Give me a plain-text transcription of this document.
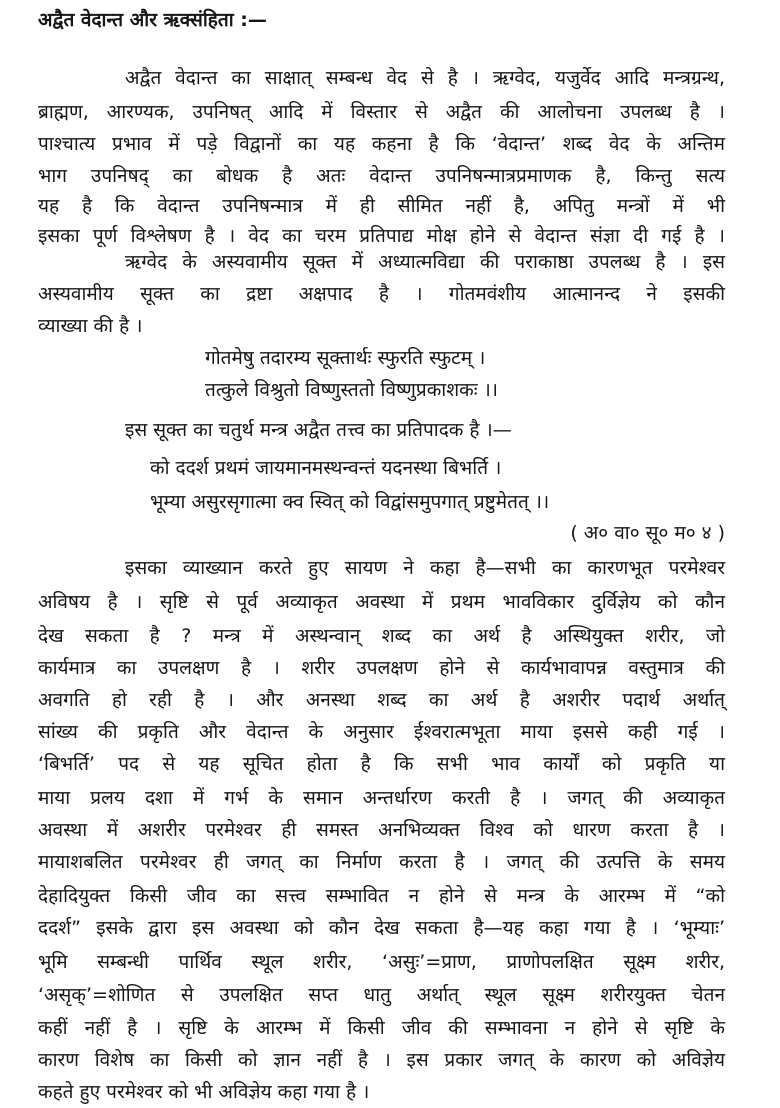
अद्वैत वेदान्त और ऋक्संहिता :—
अद्वैत वेदान्त का साक्षात् सम्बन्ध वेद से है । ऋग्वेद, यजुर्वेद आदि मन्त्रग्रन्थ,
ब्राह्मण, आरण्यक, उपनिषत् आदि में विस्तार से अद्वैत की आलोचना उपलब्ध है ।
पाश्चात्य प्रभाव में पड़े विद्वानों का यह कहना है कि ‘वेदान्त’ शब्द वेद के अन्तिम
भाग उपनिषद् का बोधक है अतः वेदान्त उपनिषन्मात्रप्रमाणक है, किन्तु सत्य
यह है कि वेदान्त उपनिषन्मात्र में ही सीमित नहीं है, अपितु मन्त्रों में भी
इसका पूर्ण विश्लेषण है । वेद का चरम प्रतिपाद्य मोक्ष होने से वेदान्त संज्ञा दी गई है ।
ऋग्वेद के अस्यवामीय सूक्त में अध्यात्मविद्या की पराकाष्ठा उपलब्ध है । इस
अस्यवामीय सूक्त का द्रष्टा अक्षपाद है । गोतमवंशीय आत्मानन्द ने इसकी
व्याख्या की है ।
गोतमेषु तदारम्य सूक्तार्थः स्फुरति स्फुटम् ।
तत्कुले विश्रुतो विष्णुस्ततो विष्णुप्रकाशकः ।।
इस सूक्त का चतुर्थ मन्त्र अद्वैत तत्त्व का प्रतिपादक है ।—
को ददर्श प्रथमं जायमानमस्थन्वन्तं यदनस्था बिभर्ति ।
भूम्या असुरसृगात्मा क्व स्वित् को विद्वांसमुपगात् प्रष्टुमेतत् ।।
( अ० वा० सू० म० ४ )
इसका व्याख्यान करते हुए सायण ने कहा है—सभी का कारणभूत परमेश्वर
अविषय है । सृष्टि से पूर्व अव्याकृत अवस्था में प्रथम भावविकार दुर्विज्ञेय को कौन
देख सकता है ? मन्त्र में अस्थन्वान् शब्द का अर्थ है अस्थियुक्त शरीर, जो
कार्यमात्र का उपलक्षण है । शरीर उपलक्षण होने से कार्यभावापन्न वस्तुमात्र की
अवगति हो रही है । और अनस्था शब्द का अर्थ है अशरीर पदार्थ अर्थात्
सांख्य की प्रकृति और वेदान्त के अनुसार ईश्वरात्मभूता माया इससे कही गई ।
‘बिभर्ति’ पद से यह सूचित होता है कि सभी भाव कार्यों को प्रकृति या
माया प्रलय दशा में गर्भ के समान अन्तर्धारण करती है । जगत् की अव्याकृत
अवस्था में अशरीर परमेश्वर ही समस्त अनभिव्यक्त विश्व को धारण करता है ।
मायाशबलित परमेश्वर ही जगत् का निर्माण करता है । जगत् की उत्पत्ति के समय
देहादियुक्त किसी जीव का सत्त्व सम्भावित न होने से मन्त्र के आरम्भ में “को
ददर्श” इसके द्वारा इस अवस्था को कौन देख सकता है—यह कहा गया है । ‘भूम्याः’
भूमि सम्बन्धी पार्थिव स्थूल शरीर, ‘असुः’=प्राण, प्राणोपलक्षित सूक्ष्म शरीर,
‘असृक्’=शोणित से उपलक्षित सप्त धातु अर्थात् स्थूल सूक्ष्म शरीरयुक्त चेतन
कहीं नहीं है । सृष्टि के आरम्भ में किसी जीव की सम्भावना न होने से सृष्टि के
कारण विशेष का किसी को ज्ञान नहीं है । इस प्रकार जगत् के कारण को अविज्ञेय
कहते हुए परमेश्वर को भी अविज्ञेय कहा गया है ।
